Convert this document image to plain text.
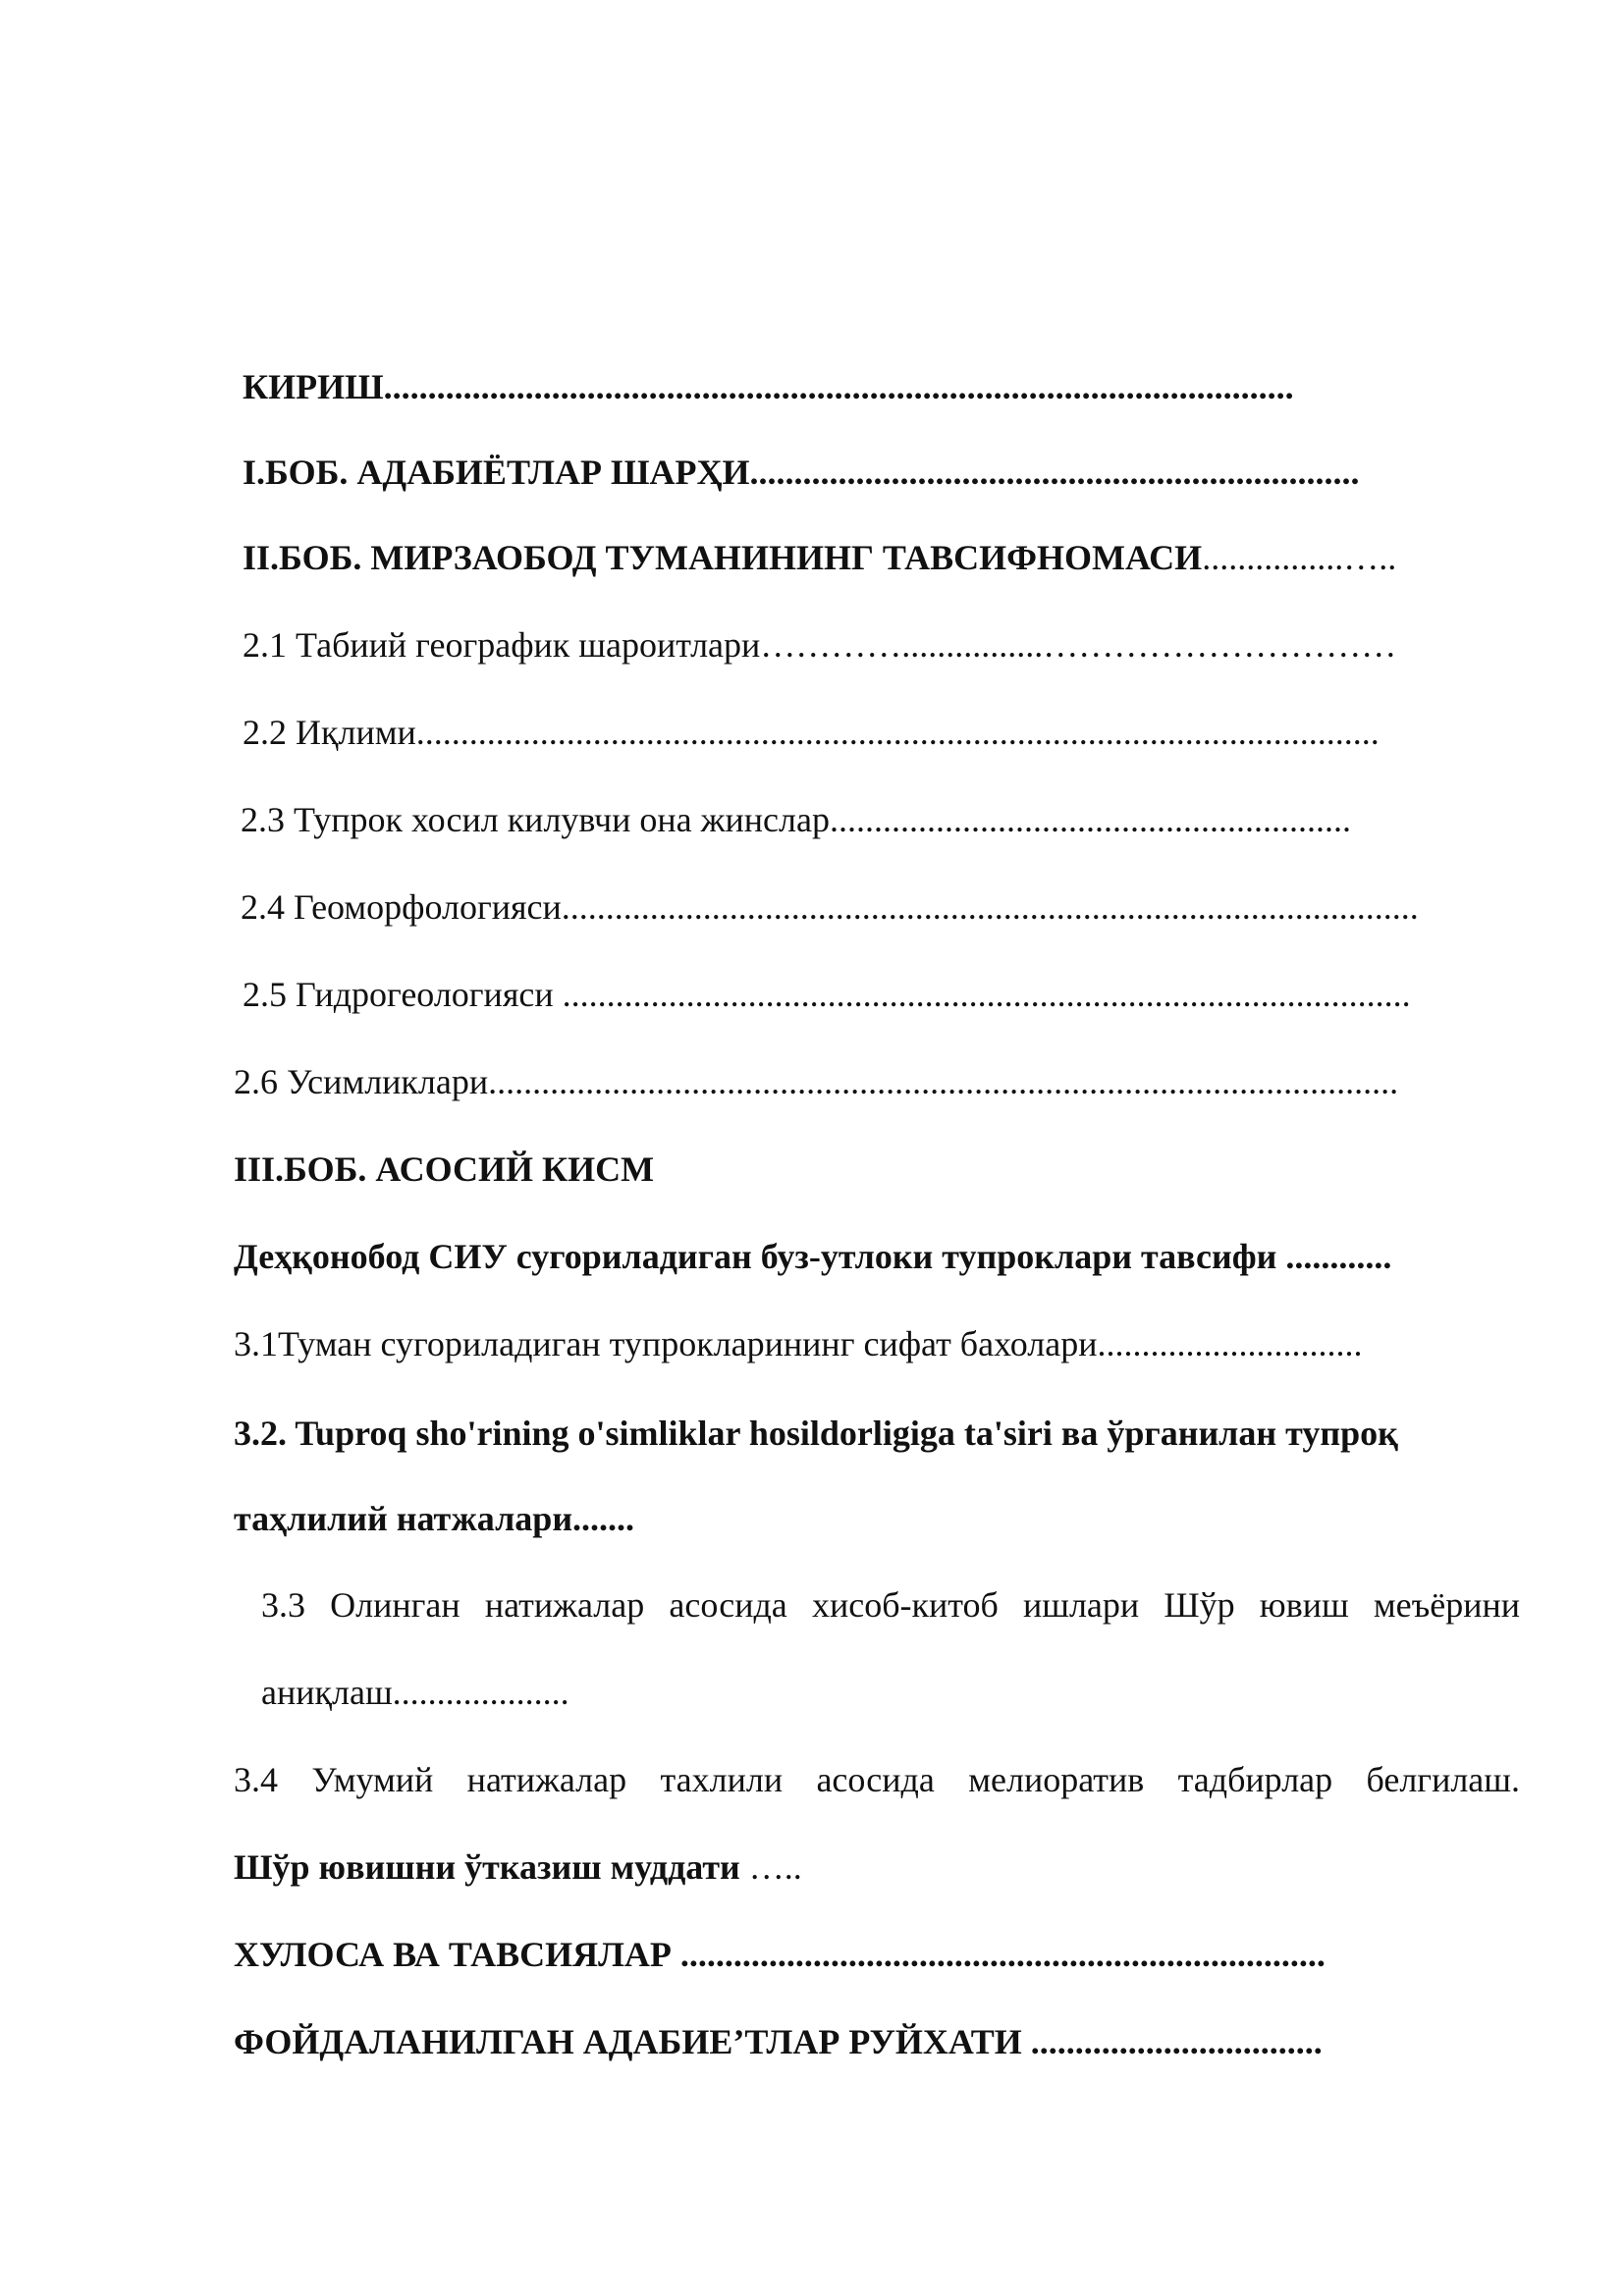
КИРИШ.......................................................................................................
I.БОБ. АДАБИЁТЛАР ШАРҲИ.....................................................................
II.БОБ. МИРЗАОБОД ТУМАНИНИНГ ТАВСИФНОМАСИ................…..
2.1 Табиий географик шароитлари…………................…………………………
2.2 Иқлими.............................................................................................................
2.3 Тупрок хосил килувчи она жинслар...........................................................
2.4 Геоморфологияси.................................................................................................
2.5 Гидрогеологияси ................................................................................................
2.6 Усимликлари.......................................................................................................
III.БОБ. АСОСИЙ КИСМ
Деҳқонобод СИУ сугориладиган буз-утлоки тупроклари тавсифи ............
3.1Туман сугориладиган тупрокларининг сифат бахолари..............................
3.2. Tuproq sho'rining o'simliklar hosildorligiga ta'siri ва ўрганилан тупроқ
таҳлилий натжалари.......
3.3 Олинган натижалар асосида хисоб-китоб ишлари Шўр ювиш меъёрини
аниқлаш....................
3.4 Умумий натижалар тахлили асосида мелиоратив тадбирлар белгилаш.
Шўр ювишни ўтказиш муддати …..
ХУЛОСА ВА ТАВСИЯЛАР .........................................................................
ФОЙДАЛАНИЛГАН АДАБИЕ’ТЛАР РУЙХАТИ .................................
